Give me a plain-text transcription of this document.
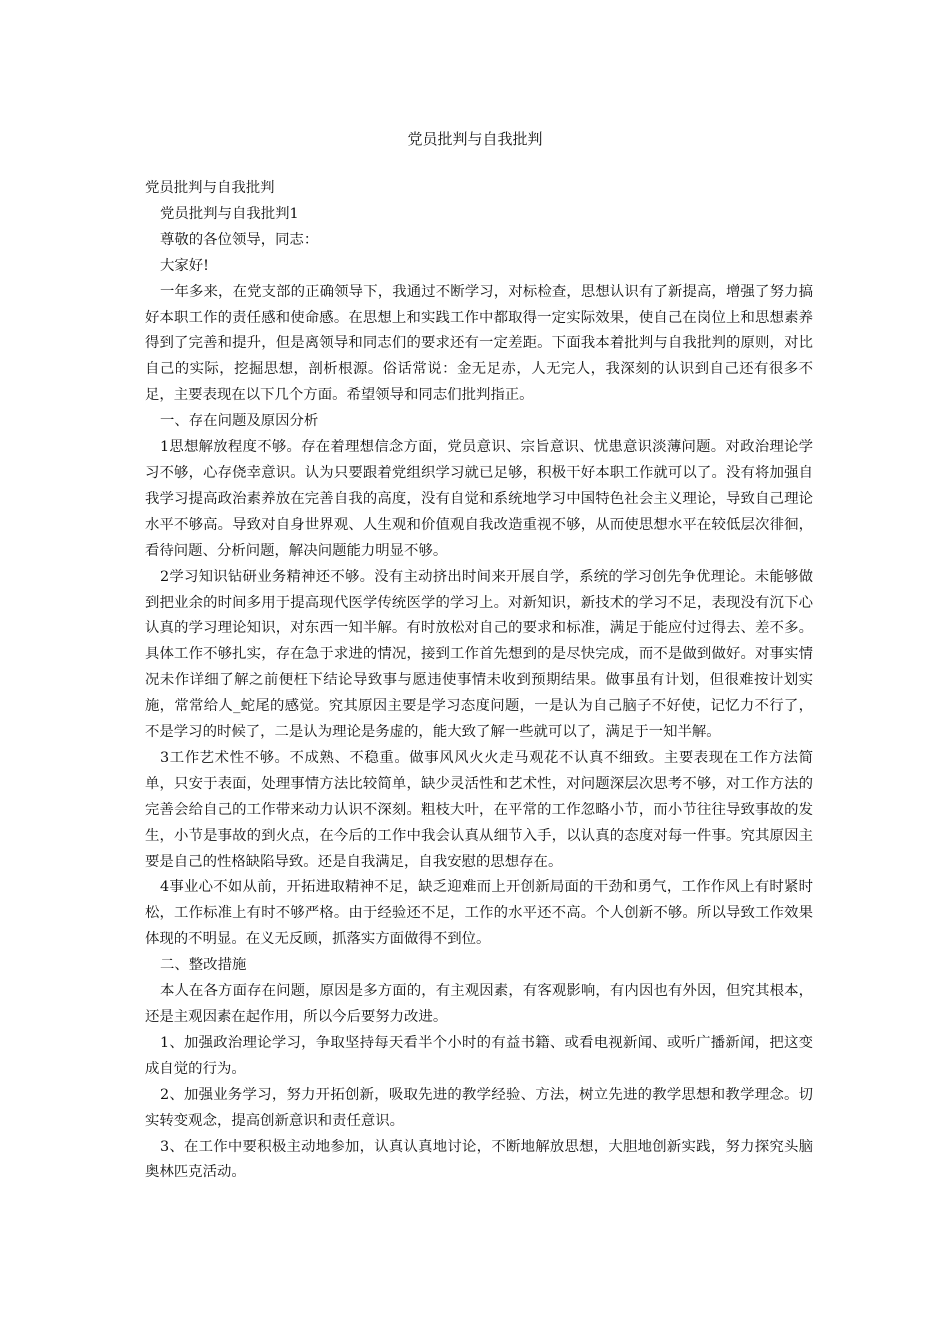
党员批判与自我批判

党员批判与自我批判

党员批判与自我批判1

尊敬的各位领导，同志：

大家好!

一年多来，在党支部的正确领导下，我通过不断学习，对标检查，思想认识有了新提高，增强了努力搞好本职工作的责任感和使命感。在思想上和实践工作中都取得一定实际效果，使自己在岗位上和思想素养得到了完善和提升，但是离领导和同志们的要求还有一定差距。下面我本着批判与自我批判的原则，对比自己的实际，挖掘思想，剖析根源。俗话常说：金无足赤，人无完人，我深刻的认识到自己还有很多不足，主要表现在以下几个方面。希望领导和同志们批判指正。

一、存在问题及原因分析

1思想解放程度不够。存在着理想信念方面，党员意识、宗旨意识、忧患意识淡薄问题。对政治理论学习不够，心存侥幸意识。认为只要跟着党组织学习就已足够，积极干好本职工作就可以了。没有将加强自我学习提高政治素养放在完善自我的高度，没有自觉和系统地学习中国特色社会主义理论，导致自己理论水平不够高。导致对自身世界观、人生观和价值观自我改造重视不够，从而使思想水平在较低层次徘徊，看待问题、分析问题，解决问题能力明显不够。

2学习知识钻研业务精神还不够。没有主动挤出时间来开展自学，系统的学习创先争优理论。未能够做到把业余的时间多用于提高现代医学传统医学的学习上。对新知识，新技术的学习不足，表现没有沉下心认真的学习理论知识，对东西一知半解。有时放松对自己的要求和标准，满足于能应付过得去、差不多。具体工作不够扎实，存在急于求进的情况，接到工作首先想到的是尽快完成，而不是做到做好。对事实情况未作详细了解之前便枉下结论导致事与愿违使事情未收到预期结果。做事虽有计划，但很难按计划实施，常常给人_蛇尾的感觉。究其原因主要是学习态度问题，一是认为自己脑子不好使，记忆力不行了，不是学习的时候了，二是认为理论是务虚的，能大致了解一些就可以了，满足于一知半解。

3工作艺术性不够。不成熟、不稳重。做事风风火火走马观花不认真不细致。主要表现在工作方法简单，只安于表面，处理事情方法比较简单，缺少灵活性和艺术性，对问题深层次思考不够，对工作方法的完善会给自己的工作带来动力认识不深刻。粗枝大叶，在平常的工作忽略小节，而小节往往导致事故的发生，小节是事故的到火点，在今后的工作中我会认真从细节入手，以认真的态度对每一件事。究其原因主要是自己的性格缺陷导致。还是自我满足，自我安慰的思想存在。

4事业心不如从前，开拓进取精神不足，缺乏迎难而上开创新局面的干劲和勇气，工作作风上有时紧时松，工作标准上有时不够严格。由于经验还不足，工作的水平还不高。个人创新不够。所以导致工作效果体现的不明显。在义无反顾，抓落实方面做得不到位。

二、整改措施

本人在各方面存在问题，原因是多方面的，有主观因素，有客观影响，有内因也有外因，但究其根本，还是主观因素在起作用，所以今后要努力改进。

1、加强政治理论学习，争取坚持每天看半个小时的有益书籍、或看电视新闻、或听广播新闻，把这变成自觉的行为。

2、加强业务学习，努力开拓创新，吸取先进的教学经验、方法，树立先进的教学思想和教学理念。切实转变观念，提高创新意识和责任意识。

3、在工作中要积极主动地参加，认真认真地讨论，不断地解放思想，大胆地创新实践，努力探究头脑奥林匹克活动。
